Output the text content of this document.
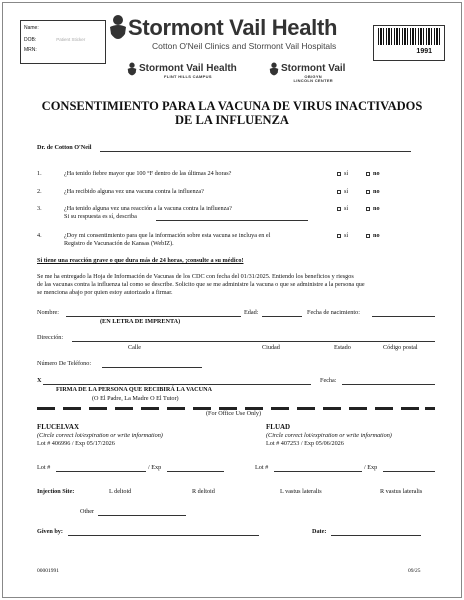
Name:
DOB:	Patient Sticker
MRN:
Stormont Vail Health
Cotton O'Neil Clinics and Stormont Vail Hospitals
Stormont Vail Health
FLINT HILLS CAMPUS
Stormont Vail
OB/GYN
LINCOLN CENTER
1991
CONSENTIMIENTO PARA LA VACUNA DE VIRUS INACTIVADOS
DE LA INFLUENZA
Dr. de Cotton O'Neil
1.	¿Ha tenido fiebre mayor que 100 °F dentro de las últimas 24 horas?	sí	no
2.	¿Ha recibido alguna vez una vacuna contra la influenza?	sí	no
3.	¿Ha tenido alguna vez una reacción a la vacuna contra la influenza?
Si su respuesta es sí, describa
sí	no
4.	¿Doy mi consentimiento para que la información sobre esta vacuna se incluya en el
Registro de Vacunación de Kansas (WebIZ).
sí	no
Si tiene una reacción grave o que dura más de 24 horas, ¡consulte a su médico!
Se me ha entregado la Hoja de Información de Vacunas de los CDC con fecha del 01/31/2025. Entiendo los beneficios y riesgos
de las vacunas contra la influenza tal como se describe. Solicito que se me administre la vacuna o que se administre a la persona que
se menciona abajo por quien estoy autorizado a firmar.
Nombre:
(EN LETRA DE IMPRENTA)
Edad:	Fecha de nacimiento:
Dirección:
Calle	Ciudad	Estado	Código postal
Número De Teléfono:
X	Fecha:
FIRMA DE LA PERSONA QUE RECIBIRÁ LA VACUNA
(O El Padre, La Madre O El Tutor)
(For Office Use Only)
FLUCELVAX
(Circle correct lot/expiration or write information)
Lot # 406996 / Exp 05/17/2026
FLUAD
(Circle correct lot/expiration or write information)
Lot # 407253 / Exp 05/06/2026
Lot #	/ Exp	Lot #	/ Exp
Injection Site:	L deltoid	R deltoid	L vastus lateralis	R vastus lateralis
Other
Given by:	Date:
00001991	09/25
